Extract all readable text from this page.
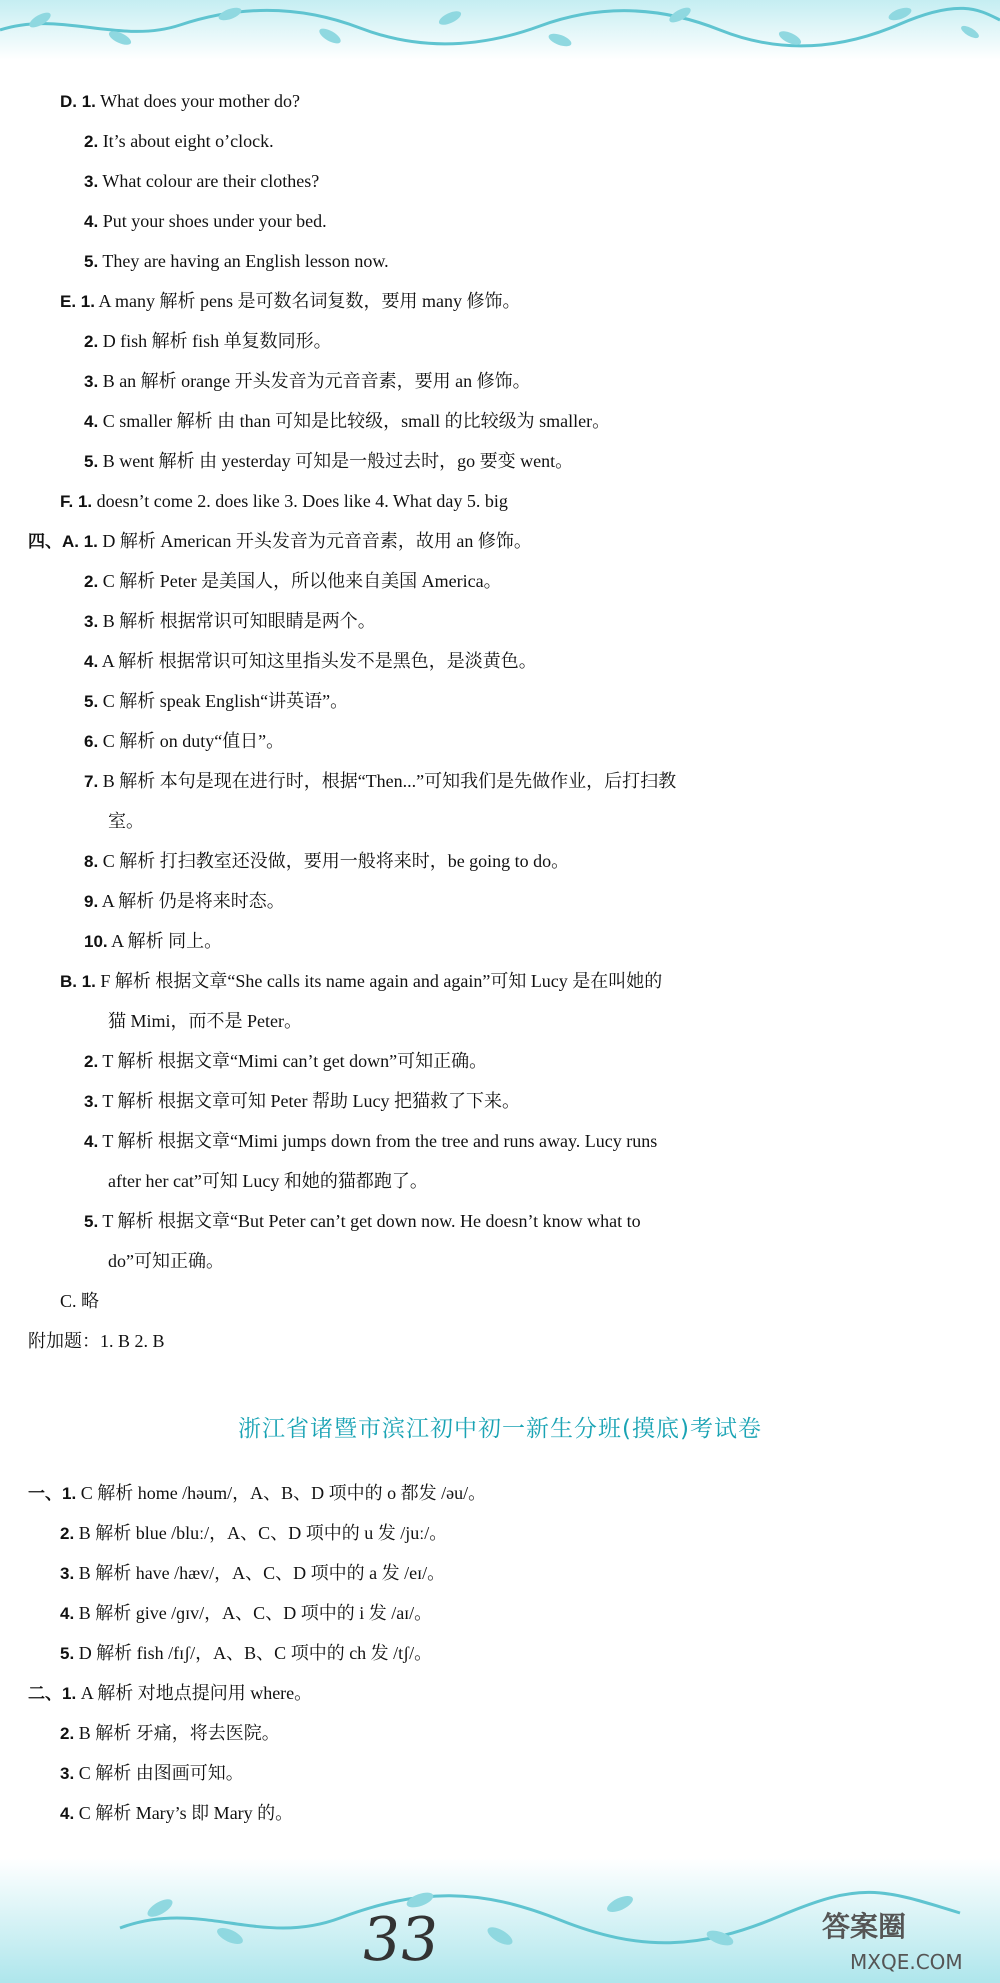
D. 1. What does your mother do?
2. It’s about eight o’clock.
3. What colour are their clothes?
4. Put your shoes under your bed.
5. They are having an English lesson now.
E. 1. A many 解析 pens 是可数名词复数，要用 many 修饰。
2. D fish 解析 fish 单复数同形。
3. B an 解析 orange 开头发音为元音音素，要用 an 修饰。
4. C smaller 解析 由 than 可知是比较级，small 的比较级为 smaller。
5. B went 解析 由 yesterday 可知是一般过去时，go 要变 went。
F. 1. doesn’t come 2. does like 3. Does like 4. What day 5. big
四、A. 1. D 解析 American 开头发音为元音音素，故用 an 修饰。
2. C 解析 Peter 是美国人，所以他来自美国 America。
3. B 解析 根据常识可知眼睛是两个。
4. A 解析 根据常识可知这里指头发不是黑色，是淡黄色。
5. C 解析 speak English“讲英语”。
6. C 解析 on duty“值日”。
7. B 解析 本句是现在进行时，根据“Then...”可知我们是先做作业，后打扫教
室。
8. C 解析 打扫教室还没做，要用一般将来时，be going to do。
9. A 解析 仍是将来时态。
10. A 解析 同上。
B. 1. F 解析 根据文章“She calls its name again and again”可知 Lucy 是在叫她的
猫 Mimi，而不是 Peter。
2. T 解析 根据文章“Mimi can’t get down”可知正确。
3. T 解析 根据文章可知 Peter 帮助 Lucy 把猫救了下来。
4. T 解析 根据文章“Mimi jumps down from the tree and runs away. Lucy runs
after her cat”可知 Lucy 和她的猫都跑了。
5. T 解析 根据文章“But Peter can’t get down now. He doesn’t know what to
do”可知正确。
C. 略
附加题：1. B 2. B
一、1. C 解析 home /həum/，A、B、D 项中的 o 都发 /əu/。
2. B 解析 blue /bluː/，A、C、D 项中的 u 发 /juː/。
3. B 解析 have /hæv/，A、C、D 项中的 a 发 /eɪ/。
4. B 解析 give /ɡɪv/，A、C、D 项中的 i 发 /aɪ/。
5. D 解析 fish /fɪʃ/，A、B、C 项中的 ch 发 /tʃ/。
二、1. A 解析 对地点提问用 where。
2. B 解析 牙痛，将去医院。
3. C 解析 由图画可知。
4. C 解析 Mary’s 即 Mary 的。
浙江省诸暨市滨江初中初一新生分班(摸底)考试卷
33	答案圈
MXQE.COM
